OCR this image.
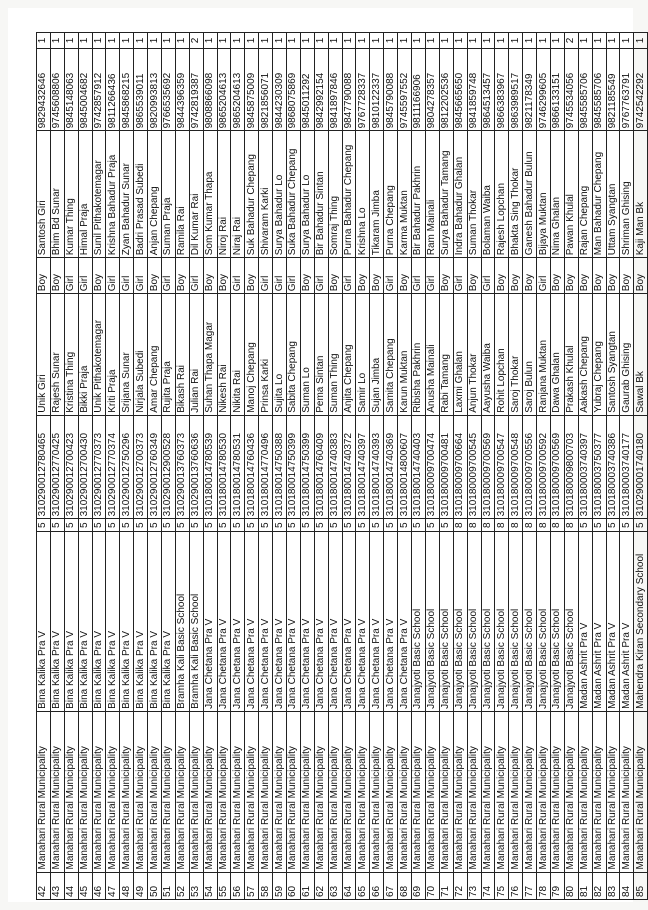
42	Manahari Rural Municipality	Bina Kalika Pra V	5	310290012780465	Unik Giri	Boy	Santosh Giri	9829432646	1
43	Manahari Rural Municipality	Bina Kalika Pra V	5	310290012770425	Rajesh Sunar	Boy	Bhim Bd Sunar	9745608806	1
44	Manahari Rural Municipality	Bina Kalika Pra V	5	310290012700423	Kristina Thing	Girl	Kumar Thing	9845148063	1
45	Manahari Rural Municipality	Bina Kalika Pra V	5	310290012700430	Bikki Praja	Girl	Himal Praja	9845004682	1
46	Manahari Rural Municipality	Bina Kalika Pra V	5	310290012770373	Unik Pithakotemagar	Boy	Sunil Pithakotemagar	9742857912	1
47	Manahari Rural Municipality	Bina Kalika Pra V	5	310290012770374	Kriti Praja	Girl	Krishna Bahadur Praja	9811266436	1
48	Manahari Rural Municipality	Bina Kalika Pra V	5	310290012750296	Srijana Sunar	Girl	Zyan Bahadur Sunar	9845868215	1
49	Manahari Rural Municipality	Bina Kalika Pra V	5	310290012700373	Nirjala Subedi	Girl	Badri Prasad Subedi	9865539011	1
50	Manahari Rural Municipality	Bina Kalika Pra V	5	310290012760349	Amar Chepang	Boy	Anjan Chepang	9820993813	1
51	Manahari Rural Municipality	Bina Kalika Pra V	5	310290012900528	Rujita Praja	Girl	Suman Praja	9766535692	1
52	Manahari Rural Municipality	Bramha Kali Basic School	5	310290013760373	Bikash Rai	Boy	Ramila Rai	9844396359	1
53	Manahari Rural Municipality	Bramha Kali Basic School	5	310290013760636	Julian Rai	Girl	Dil Kumar Rai	9742819387	2
54	Manahari Rural Municipality	Jana Chetana Pra V	5	310180014780539	Suhan Thapa Magar	Boy	Som Kumar Thapa	9808866098	1
55	Manahari Rural Municipality	Jana Chetana Pra V	5	310180014780530	Nikesh Rai	Boy	Niroj Rai	9865204613	1
56	Manahari Rural Municipality	Jana Chetana Pra V	5	310180014780531	Nikita Rai	Girl	Niraj Rai	9865204613	1
57	Manahari Rural Municipality	Jana Chetana Pra V	5	310180014760436	Manoj Chepang	Boy	Suk Bahadur Chepang	9845875009	1
58	Manahari Rural Municipality	Jana Chetana Pra V	5	310180014770496	Prinsa Karki	Girl	Shivaram Karki	9821856071	1
59	Manahari Rural Municipality	Jana Chetana Pra V	5	310180014750388	Sujita Lo	Girl	Surya Bahadur Lo	9844230309	1
60	Manahari Rural Municipality	Jana Chetana Pra V	5	310180014750399	Sabita Chepang	Girl	Suka Bahadur Chepang	9868075869	1
61	Manahari Rural Municipality	Jana Chetana Pra V	5	310180014750399	Suman Lo	Boy	Surya Bahadur Lo	9845011292	1
62	Manahari Rural Municipality	Jana Chetana Pra V	5	310180014760409	Pema Sintan	Girl	Bir Bahadur Sintan	9842992154	1
63	Manahari Rural Municipality	Jana Chetana Pra V	5	310180014740383	Suman Thing	Boy	Somraj Thing	9841897846	1
64	Manahari Rural Municipality	Jana Chetana Pra V	5	310180014740372	Anjita Chepang	Girl	Purna Bahadur Chepang	9847790088	1
65	Manahari Rural Municipality	Jana Chetana Pra V	5	310180014740397	Samir Lo	Boy	Krishna Lo	9767728337	1
66	Manahari Rural Municipality	Jana Chetana Pra V	5	310180014740393	Sujan Jimba	Boy	Tikaram Jimba	9810122337	1
67	Manahari Rural Municipality	Jana Chetana Pra V	5	310180014740369	Samita Chepang	Girl	Purna Chepang	9845790088	1
68	Manahari Rural Municipality	Jana Chetana Pra V	5	310180014800607	Karun Muktan	Boy	Karma Muktan	9745597552	1
69	Manahari Rural Municipality	Janajyoti Basic School	5	310180014740403	Ribisha Pakhrin	Girl	Bir Bahadur Pakhrin	9811166906	1
70	Manahari Rural Municipality	Janajyoti Basic School	5	310180009700474	Anusha Mainali	Girl	Ram Mainali	9804278357	1
71	Manahari Rural Municipality	Janajyoti Basic School	5	310180009700481	Rabi Tamang	Boy	Surya Bahadur Tamang	9812202536	1
72	Manahari Rural Municipality	Janajyoti Basic School	8	310180009700664	Laxmi Ghalan	Girl	Indra Bahadur Ghalan	9845665650	1
73	Manahari Rural Municipality	Janajyoti Basic School	8	310180009700545	Anjun Thokar	Boy	Suman Thokar	9841859748	1
74	Manahari Rural Municipality	Janajyoti Basic School	8	310180009700569	Aayusha Waiba	Girl	Bolaman Waiba	9864513457	1
75	Manahari Rural Municipality	Janajyoti Basic School	8	310180009700547	Rohit Lopchan	Boy	Rajesh Lopchan	9866383967	1
76	Manahari Rural Municipality	Janajyoti Basic School	8	310180009700548	Saroj Thokar	Boy	Bhakta Sing Thokar	9863989517	1
77	Manahari Rural Municipality	Janajyoti Basic School	8	310180009700556	Saroj Bulun	Boy	Ganesh Bahadur Bulun	9821178349	1
78	Manahari Rural Municipality	Janajyoti Basic School	8	310180009700592	Ranjana Muktan	Girl	Bijaya Muktan	9746299605	1
79	Manahari Rural Municipality	Janajyoti Basic School	8	310180009700569	Dawa Ghalan	Boy	Nima Ghalan	9866133151	1
80	Manahari Rural Municipality	Janajyoti Basic School	8	310180009800703	Prakash Khulal	Boy	Pawan Khulal	9745534056	2
81	Manahari Rural Municipality	Madan Ashrit Pra V	5	310180003740397	Aakash Chepang	Boy	Rajan Chepang	9845585706	1
82	Manahari Rural Municipality	Madan Ashrit Pra V	5	310180003750377	Yubraj Chepang	Boy	Man Bahadur Chepang	9845585706	1
83	Manahari Rural Municipality	Madan Ashrit Pra V	5	310180003740386	Santosh Syangtan	Boy	Uttam Syangtan	9821185549	1
84	Manahari Rural Municipality	Madan Ashrit Pra V	5	310180003740177	Gaurab Ghising	Boy	Shriman Ghising	9767763791	1
85	Manahari Rural Municipality	Mahendra Kiran Secondary School	5	310290001740180	Sawal Bk	Boy	Kaji Man Bk	9742542292	1
